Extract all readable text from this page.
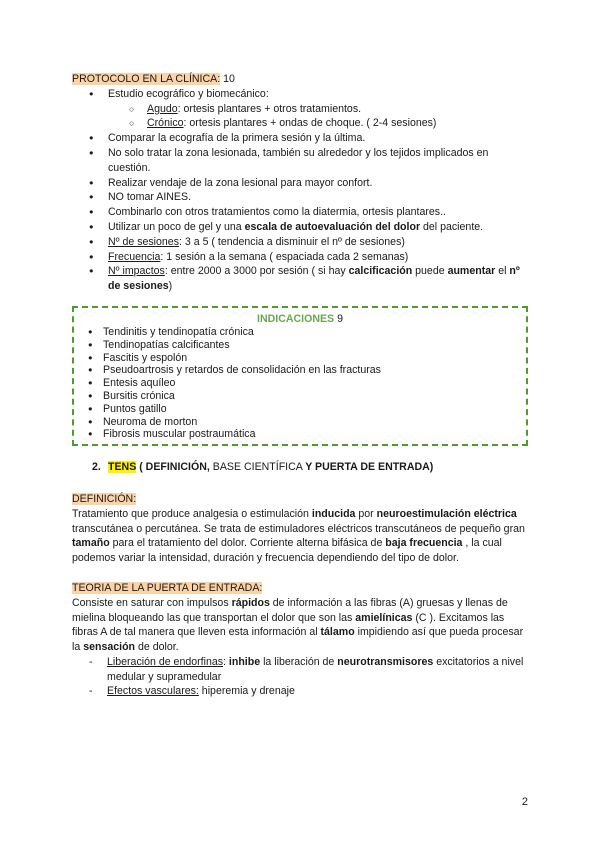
PROTOCOLO EN LA CLÍNICA: 10
● Estudio ecográfico y biomecánico:
○ Agudo: ortesis plantares + otros tratamientos.
○ Crónico: ortesis plantares + ondas de choque. ( 2-4 sesiones)
● Comparar la ecografía de la primera sesión y la última.
● No solo tratar la zona lesionada, también su alrededor y los tejidos implicados en cuestión.
● Realizar vendaje de la zona lesional para mayor confort.
● NO tomar AINES.
● Combinarlo con otros tratamientos como la diatermia, ortesis plantares..
● Utilizar un poco de gel y una escala de autoevaluación del dolor del paciente.
● Nº de sesiones: 3 a 5 ( tendencia a disminuir el nº de sesiones)
● Frecuencia: 1 sesión a la semana ( espaciada cada 2 semanas)
● Nº impactos: entre 2000 a 3000 por sesión ( si hay calcificación puede aumentar el nº de sesiones)
INDICACIONES 9
● Tendinitis y tendinopatía crónica
● Tendinopatías calcificantes
● Fascitis y espolón
● Pseudoartrosis y retardos de consolidación en las fracturas
● Entesis aquíleo
● Bursitis crónica
● Puntos gatillo
● Neuroma de morton
● Fibrosis muscular postraumática
2. TENS ( DEFINICIÓN, BASE CIENTÍFICA Y PUERTA DE ENTRADA)
DEFINICIÓN:

Tratamiento que produce analgesia o estimulación inducida por neuroestimulación eléctrica transcutánea o percutánea. Se trata de estimuladores eléctricos transcutáneos de pequeño gran tamaño para el tratamiento del dolor. Corriente alterna bifásica de baja frecuencia , la cual podemos variar la intensidad, duración y frecuencia dependiendo del tipo de dolor.

TEORIA DE LA PUERTA DE ENTRADA:

Consiste en saturar con impulsos rápidos de información a las fibras (A) gruesas y llenas de mielina bloqueando las que transportan el dolor que son las amielínicas (C ). Excitamos las fibras A de tal manera que lleven esta información al tálamo impidiendo así que pueda procesar la sensación de dolor.

- Liberación de endorfinas: inhibe la liberación de neurotransmisores excitatorios a nivel medular y supramedular
- Efectos vasculares: hiperemia y drenaje
2
